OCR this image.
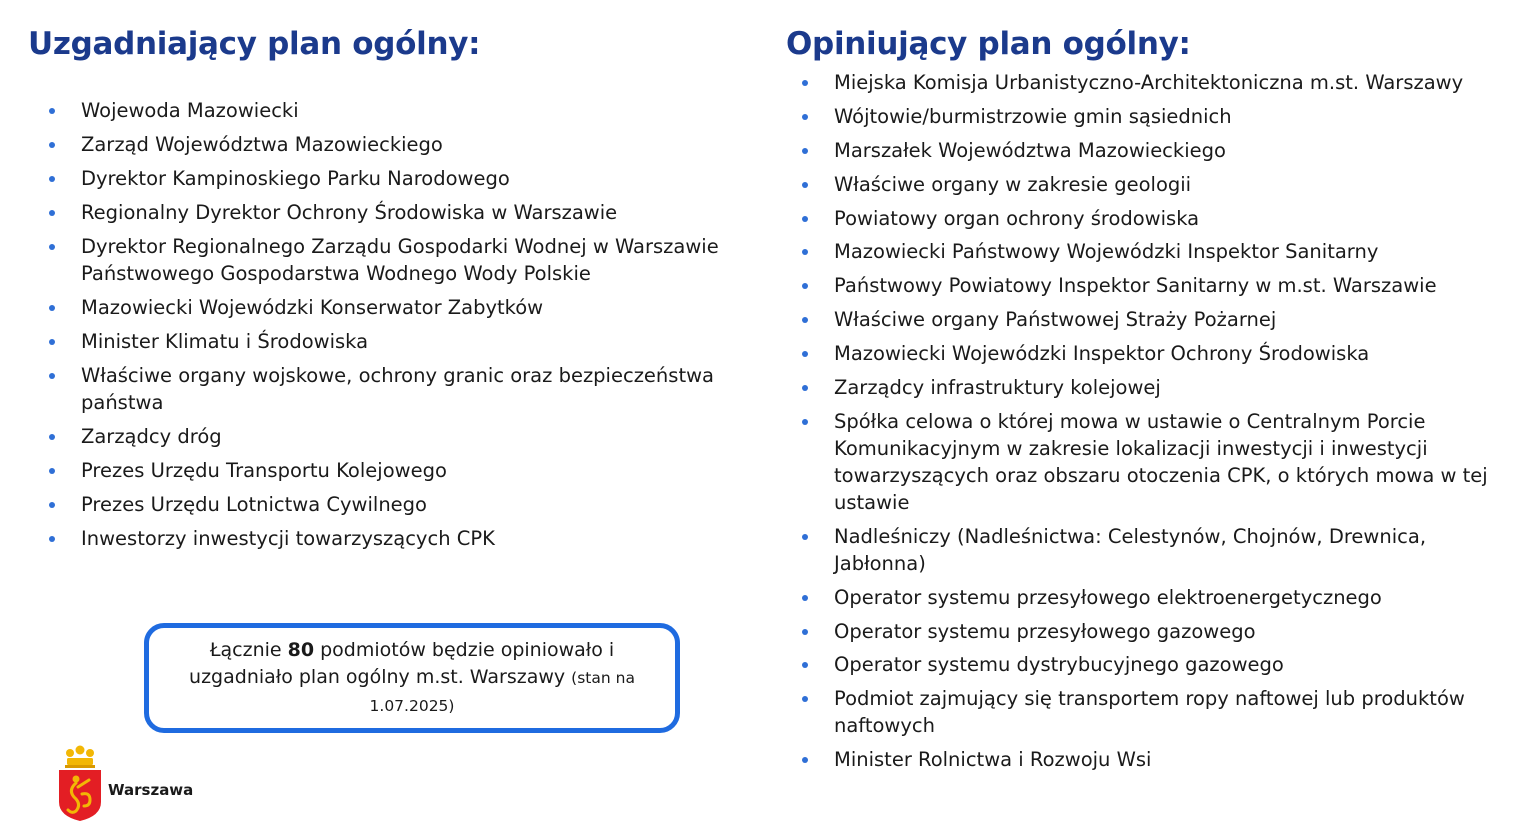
Uzgadniający plan ogólny:
Wojewoda Mazowiecki
Zarząd Województwa Mazowieckiego
Dyrektor Kampinoskiego Parku Narodowego
Regionalny Dyrektor Ochrony Środowiska w Warszawie
Dyrektor Regionalnego Zarządu Gospodarki Wodnej w Warszawie Państwowego Gospodarstwa Wodnego Wody Polskie
Mazowiecki Wojewódzki Konserwator Zabytków
Minister Klimatu i Środowiska
Właściwe organy wojskowe, ochrony granic oraz bezpieczeństwa państwa
Zarządcy dróg
Prezes Urzędu Transportu Kolejowego
Prezes Urzędu Lotnictwa Cywilnego
Inwestorzy inwestycji towarzyszących CPK
Opiniujący plan ogólny:
Miejska Komisja Urbanistyczno-Architektoniczna m.st. Warszawy
Wójtowie/burmistrzowie gmin sąsiednich
Marszałek Województwa Mazowieckiego
Właściwe organy w zakresie geologii
Powiatowy organ ochrony środowiska
Mazowiecki Państwowy Wojewódzki Inspektor Sanitarny
Państwowy Powiatowy Inspektor Sanitarny w m.st. Warszawie
Właściwe organy Państwowej Straży Pożarnej
Mazowiecki Wojewódzki Inspektor Ochrony Środowiska
Zarządcy infrastruktury kolejowej
Spółka celowa o której mowa w ustawie o Centralnym Porcie Komunikacyjnym w zakresie lokalizacji inwestycji i inwestycji towarzyszących oraz obszaru otoczenia CPK, o których mowa w tej ustawie
Nadleśniczy (Nadleśnictwa: Celestynów, Chojnów, Drewnica, Jabłonna)
Operator systemu przesyłowego elektroenergetycznego
Operator systemu przesyłowego gazowego
Operator systemu dystrybucyjnego gazowego
Podmiot zajmujący się transportem ropy naftowej lub produktów naftowych
Minister Rolnictwa i Rozwoju Wsi
Łącznie 80 podmiotów będzie opiniowało i uzgadniało plan ogólny m.st. Warszawy (stan na 1.07.2025)
Warszawa
